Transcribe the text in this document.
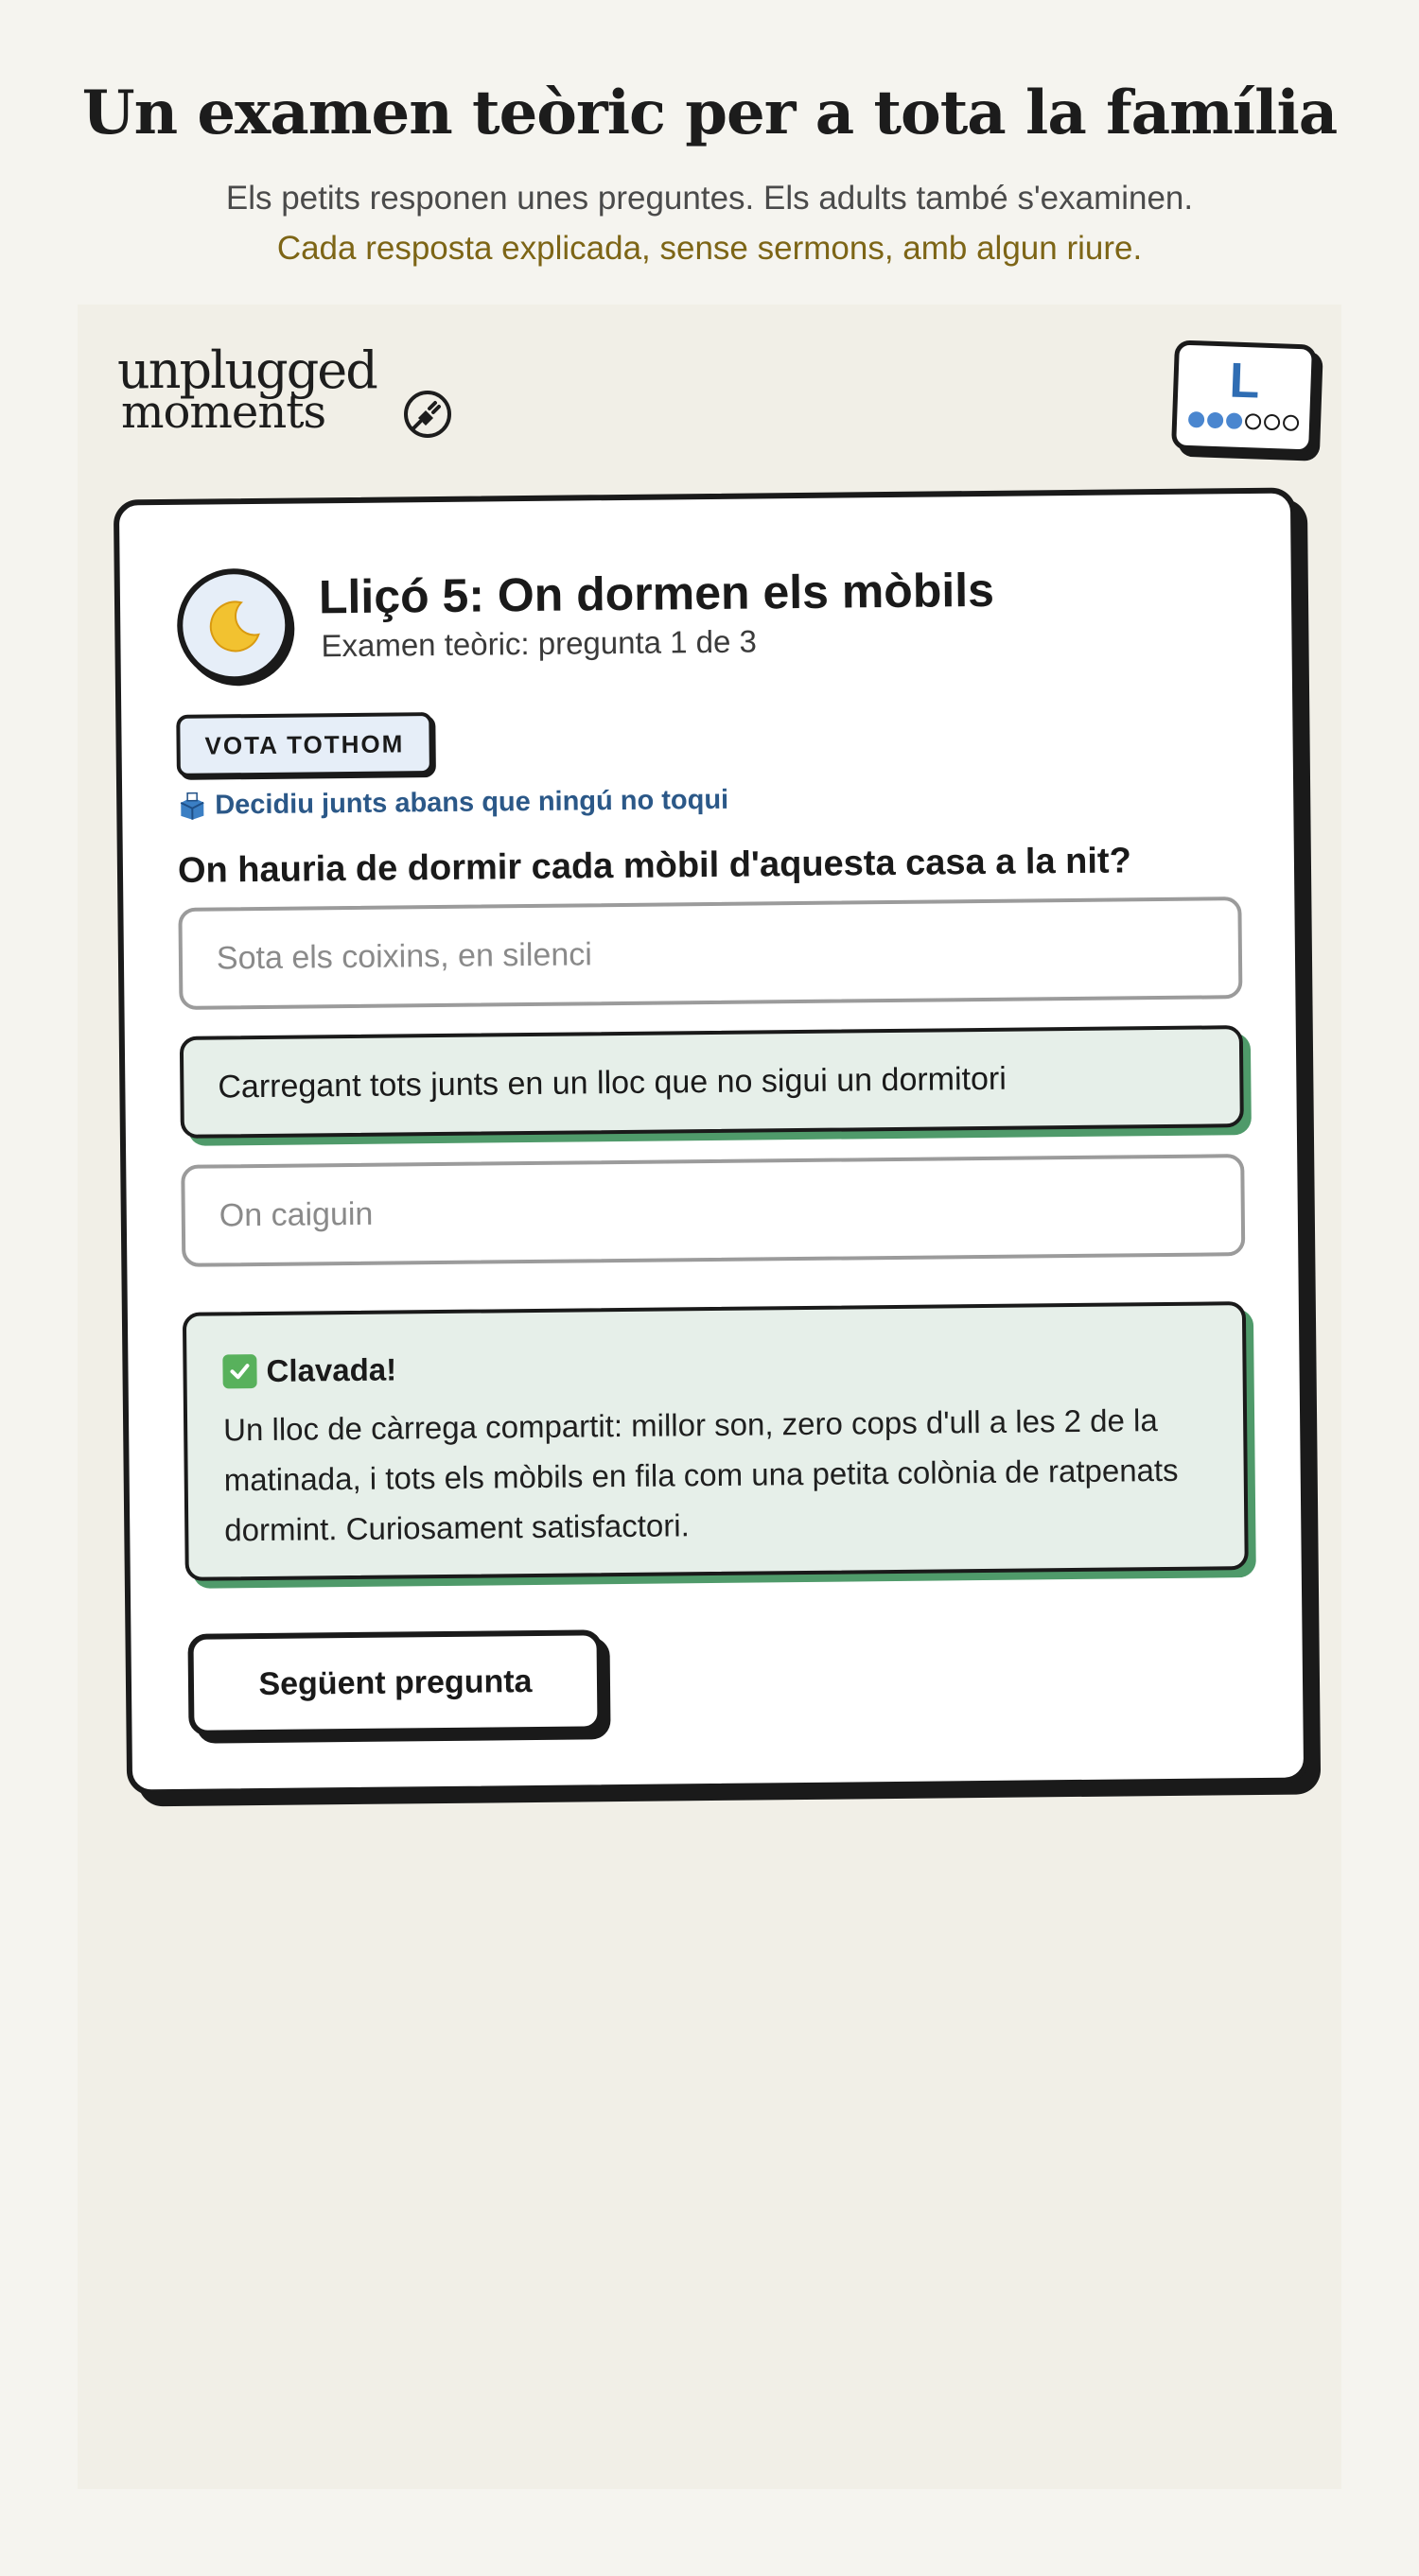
Un examen teòric per a tota la família
Els petits responen unes preguntes. Els adults també s'examinen.
Cada resposta explicada, sense sermons, amb algun riure.
unplugged
moments
L
Lliçó 5: On dormen els mòbils
Examen teòric: pregunta 1 de 3
VOTA TOTHOM
Decidiu junts abans que ningú no toqui
On hauria de dormir cada mòbil d'aquesta casa a la nit?
Sota els coixins, en silenci
Carregant tots junts en un lloc que no sigui un dormitori
On caiguin
Clavada!
Un lloc de càrrega compartit: millor son, zero cops d'ull a les 2 de la matinada, i tots els mòbils en fila com una petita colònia de ratpenats dormint. Curiosament satisfactori.
Següent pregunta
